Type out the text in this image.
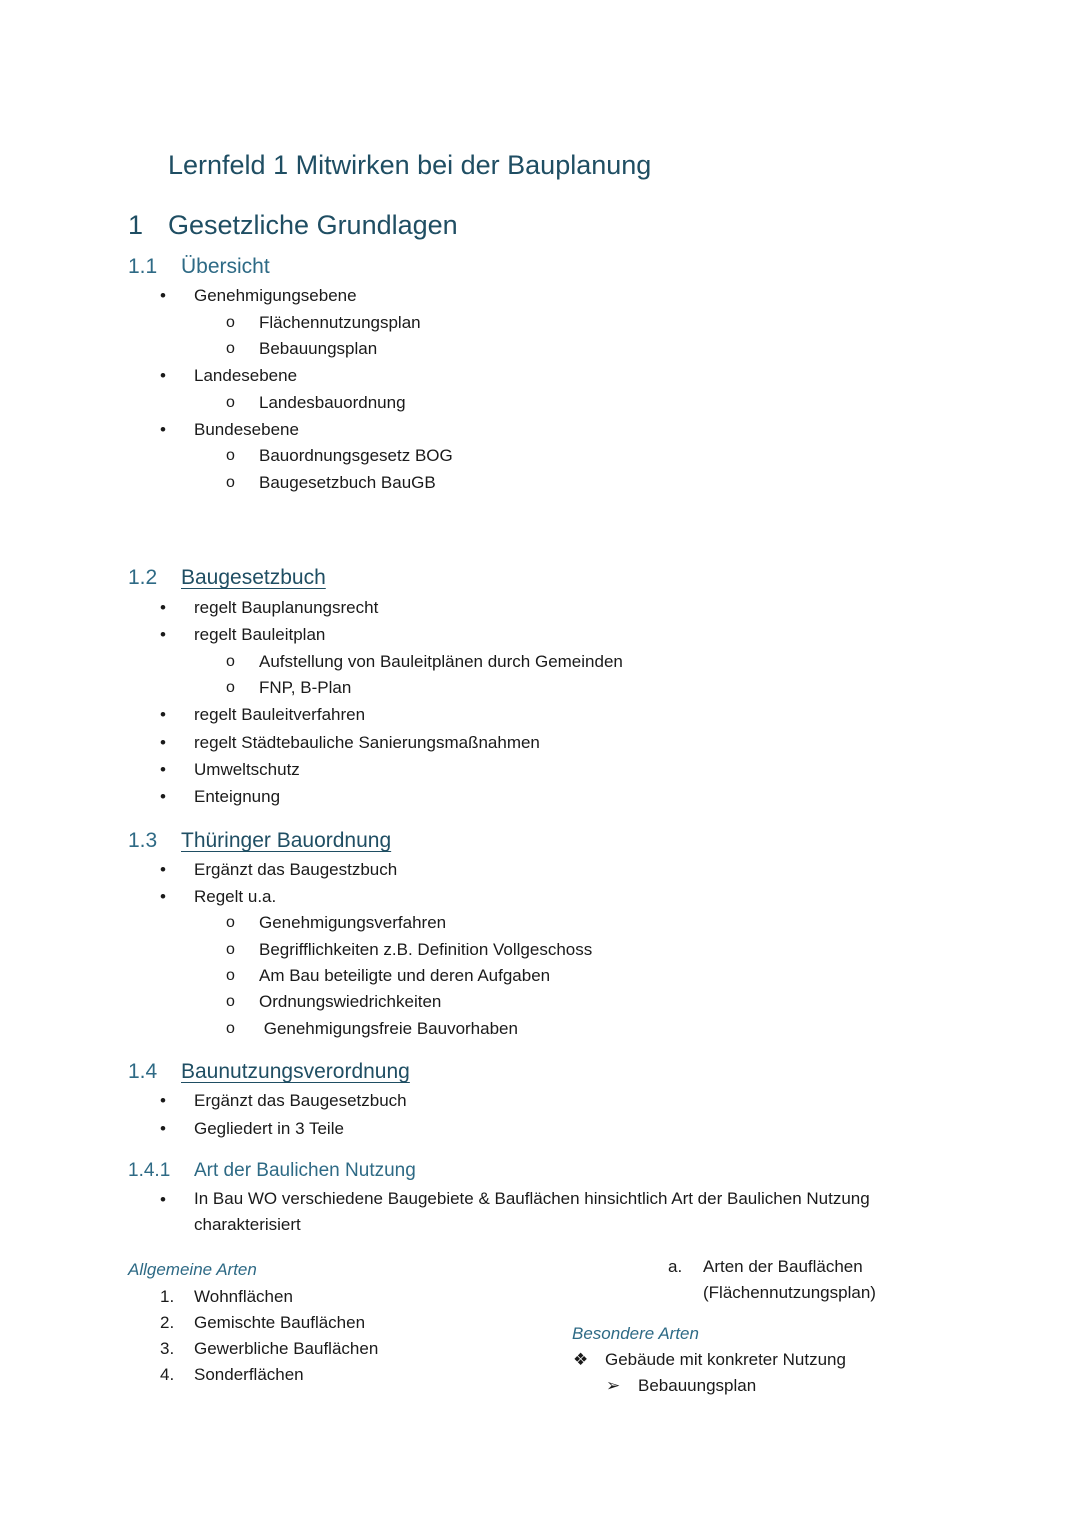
Lernfeld 1 Mitwirken bei der Bauplanung
1 Gesetzliche Grundlagen
1.1 Übersicht
• Genehmigungsebene
o Flächennutzungsplan
o Bebauungsplan
• Landesebene
o Landesbauordnung
• Bundesebene
o Bauordnungsgesetz BOG
o Baugesetzbuch BauGB
1.2 Baugesetzbuch
• regelt Bauplanungsrecht
• regelt Bauleitplan
o Aufstellung von Bauleitplänen durch Gemeinden
o FNP, B-Plan
• regelt Bauleitverfahren
• regelt Städtebauliche Sanierungsmaßnahmen
• Umweltschutz
• Enteignung
1.3 Thüringer Bauordnung
• Ergänzt das Baugestzbuch
• Regelt u.a.
o Genehmigungsverfahren
o Begrifflichkeiten z.B. Definition Vollgeschoss
o Am Bau beteiligte und deren Aufgaben
o Ordnungswiedrichkeiten
o Genehmigungsfreie Bauvorhaben
1.4 Baunutzungsverordnung
• Ergänzt das Baugesetzbuch
• Gegliedert in 3 Teile
1.4.1 Art der Baulichen Nutzung
• In Bau WO verschiedene Baugebiete & Bauflächen hinsichtlich Art der Baulichen Nutzung charakterisiert
Allgemeine Arten
1. Wohnflächen
2. Gemischte Bauflächen
3. Gewerbliche Bauflächen
4. Sonderflächen
a. Arten der Bauflächen
(Flächennutzungsplan)
Besondere Arten
❖ Gebäude mit konkreter Nutzung
➢ Bebauungsplan
